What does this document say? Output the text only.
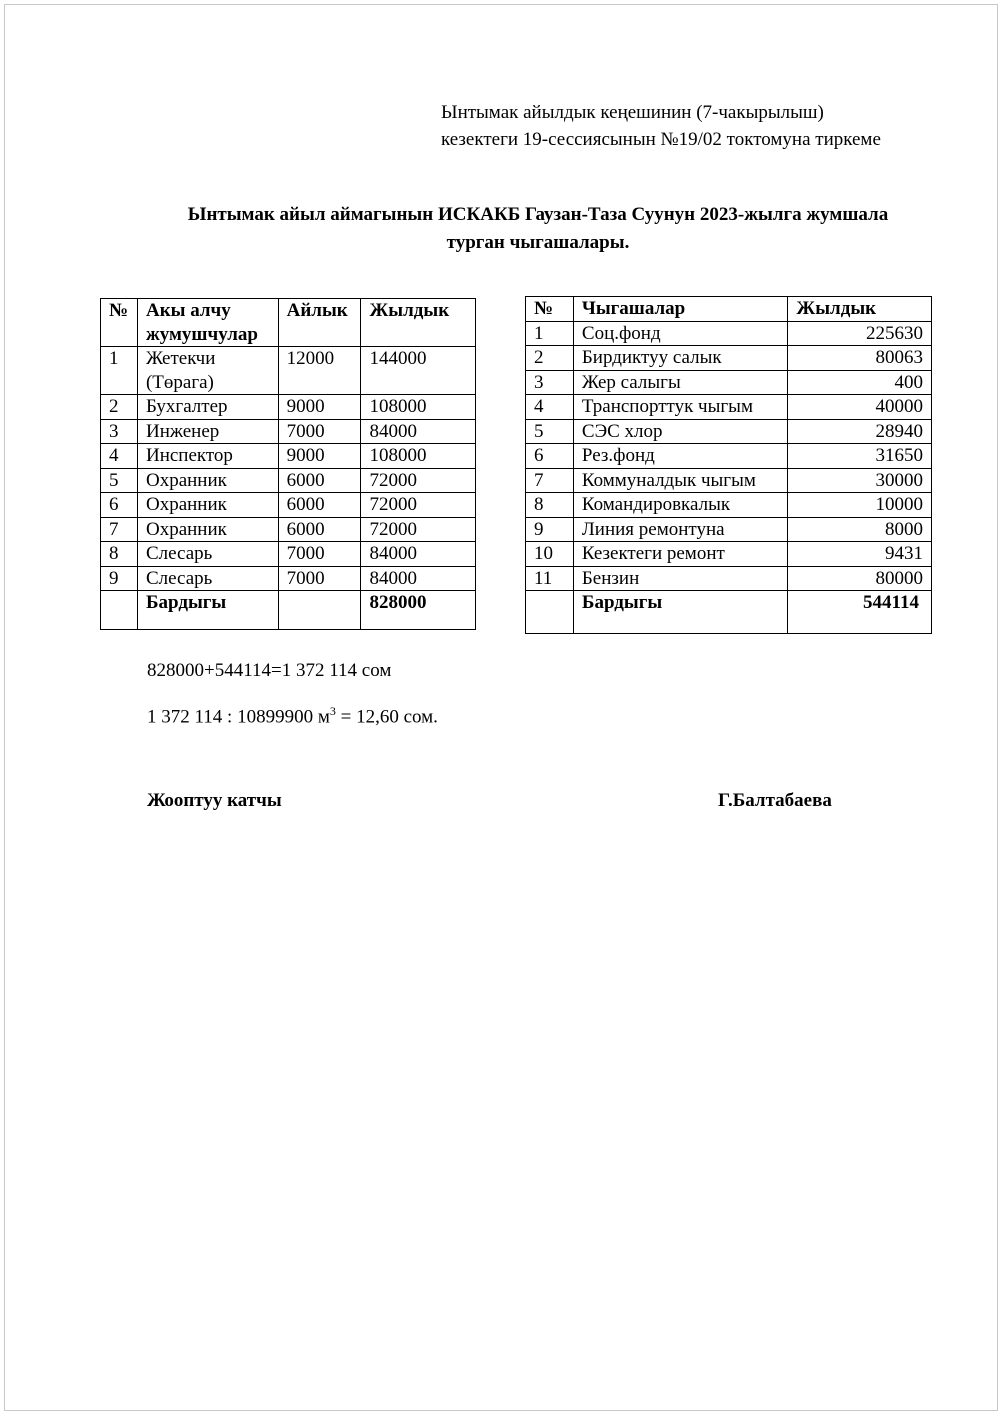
Ынтымак айылдык кеңешинин (7-чакырылыш)
кезектеги 19-сессиясынын №19/02 токтомуна тиркеме
Ынтымак айыл аймагынын ИСКАКБ Гаузан-Таза Суунун 2023-жылга жумшала
турган чыгашалары.
№	Акы алчу жумушчулар	Айлык	Жылдык
1	Жетекчи (Төрага)	12000	144000
2	Бухгалтер	9000	108000
3	Инженер	7000	84000
4	Инспектор	9000	108000
5	Охранник	6000	72000
6	Охранник	6000	72000
7	Охранник	6000	72000
8	Слесарь	7000	84000
9	Слесарь	7000	84000
	Бардыгы		828000
№	Чыгашалар	Жылдык
1	Соц.фонд	225630
2	Бирдиктуу салык	80063
3	Жер салыгы	400
4	Транспорттук чыгым	40000
5	СЭС хлор	28940
6	Рез.фонд	31650
7	Коммуналдык чыгым	30000
8	Командировкалык	10000
9	Линия ремонтуна	8000
10	Кезектеги ремонт	9431
11	Бензин	80000
	Бардыгы	544114
828000+544114=1 372 114 сом
1 372 114 : 10899900 $м^3 = 12,60$ сом.
Жооптуу катчы	Г.Балтабаева
